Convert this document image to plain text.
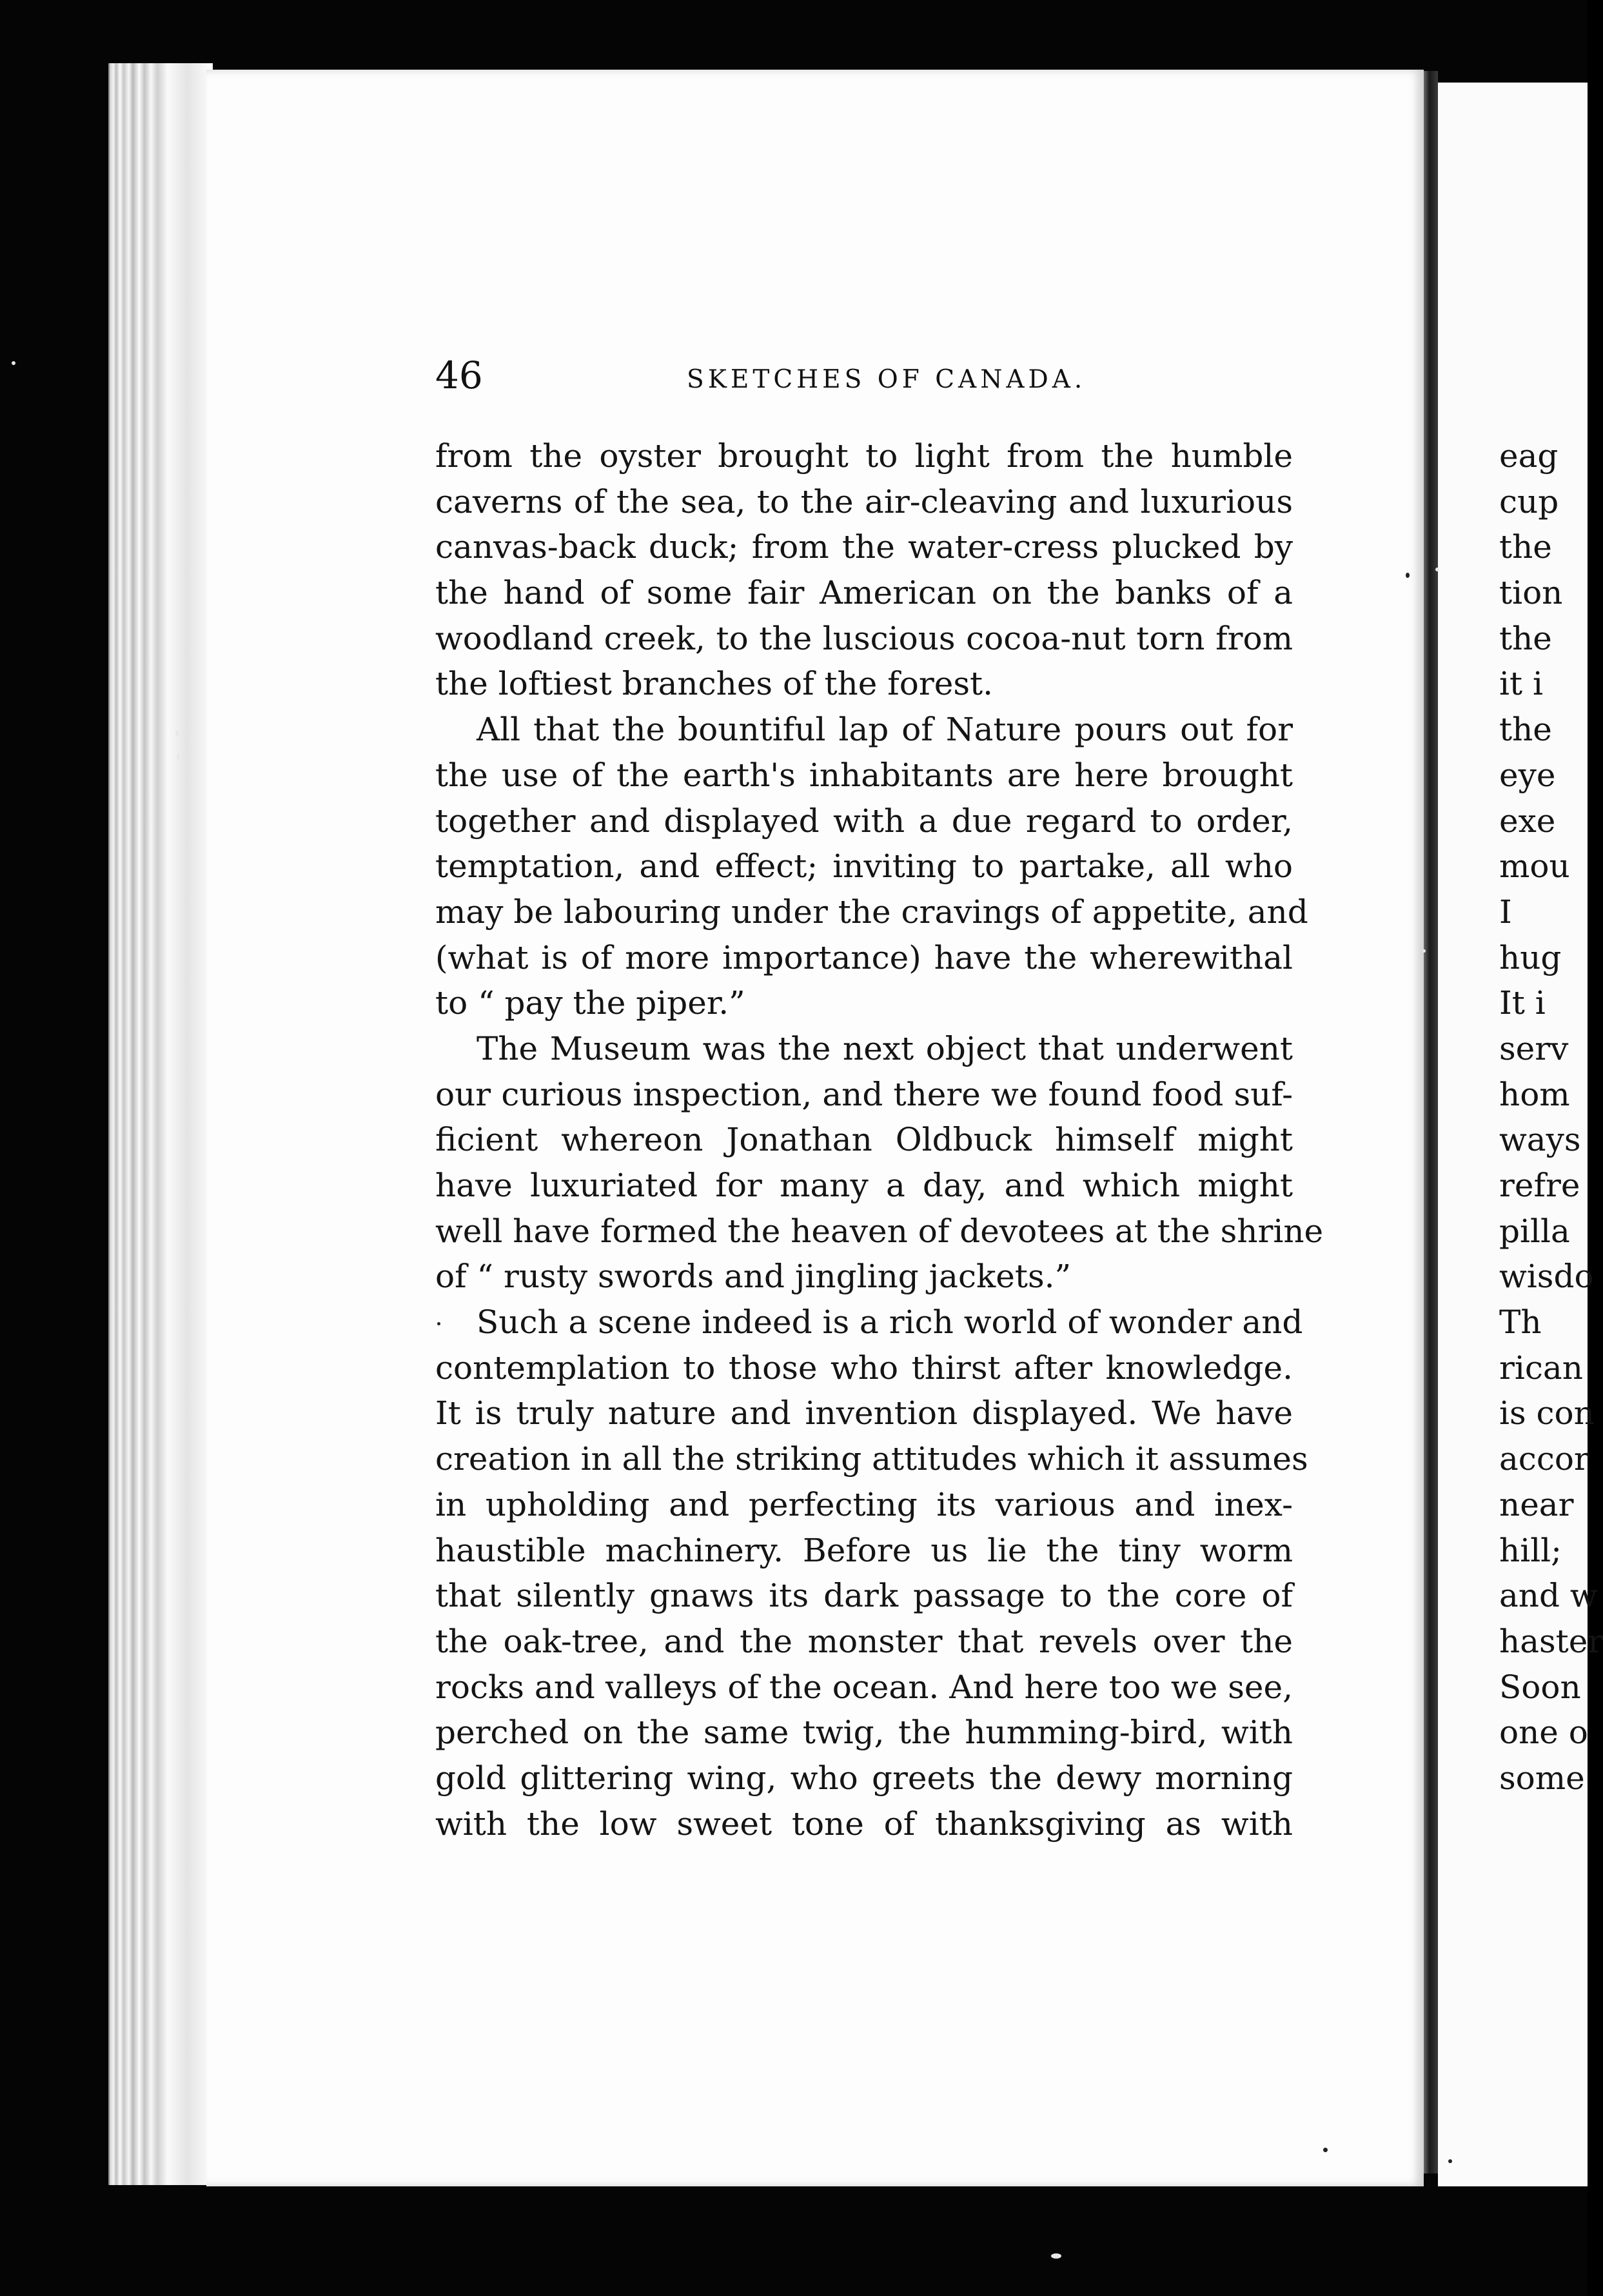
46	SKETCHES OF CANADA.
from the oyster brought to light from the humble
caverns of the sea, to the air-cleaving and luxurious
canvas-back duck; from the water-cress plucked by
the hand of some fair American on the banks of a
woodland creek, to the luscious cocoa-nut torn from
the loftiest branches of the forest.
All that the bountiful lap of Nature pours out for
the use of the earth's inhabitants are here brought
together and displayed with a due regard to order,
temptation, and effect; inviting to partake, all who
may be labouring under the cravings of appetite, and
(what is of more importance) have the wherewithal
to “ pay the piper.”
The Museum was the next object that underwent
our curious inspection, and there we found food suf-
ficient whereon Jonathan Oldbuck himself might
have luxuriated for many a day, and which might
well have formed the heaven of devotees at the shrine
of “ rusty swords and jingling jackets.”
Such a scene indeed is a rich world of wonder and
contemplation to those who thirst after knowledge.
It is truly nature and invention displayed. We have
creation in all the striking attitudes which it assumes
in upholding and perfecting its various and inex-
haustible machinery. Before us lie the tiny worm
that silently gnaws its dark passage to the core of
the oak-tree, and the monster that revels over the
rocks and valleys of the ocean. And here too we see,
perched on the same twig, the humming-bird, with
gold glittering wing, who greets the dewy morning
with the low sweet tone of thanksgiving as with
eag
cup
the
tion
the
it i
the
eye
exe
mou
I
hug
It i
serv
hom
ways
refre
pilla
wisdo
Th
rican
is con
accor
near
hill;
and w
haster
Soon
one o
some
